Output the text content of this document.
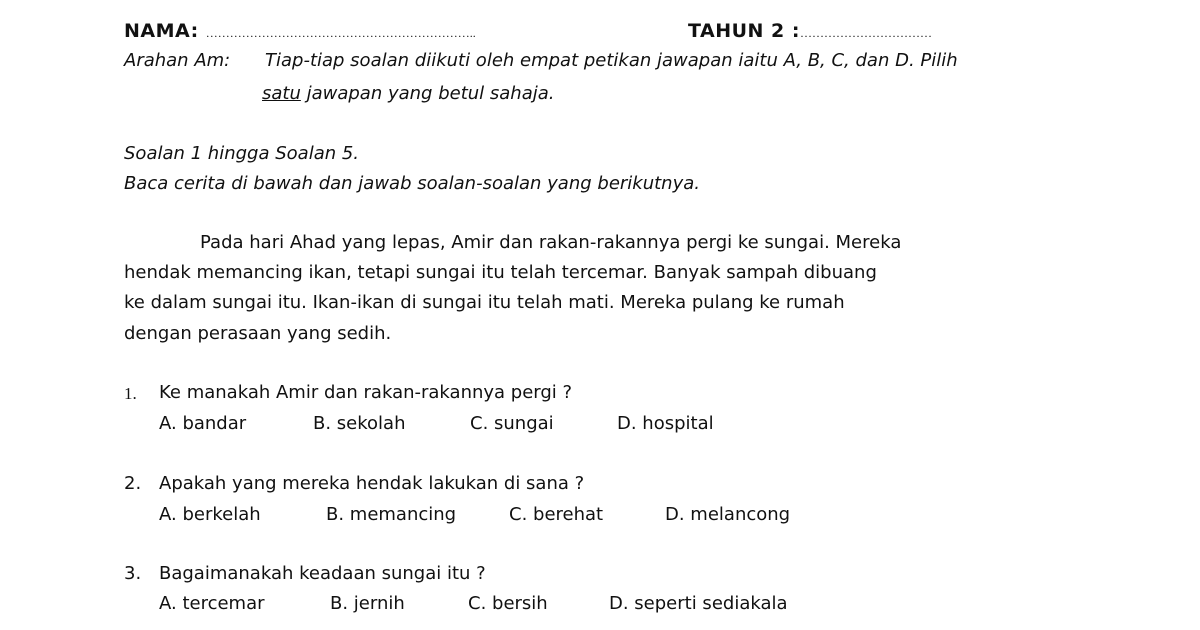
NAMA: …………………………………………………………..	TAHUN 2 :……………………………
Arahan Am: Tiap-tiap soalan diikuti oleh empat petikan jawapan iaitu A, B, C, dan D. Pilih
satu jawapan yang betul sahaja.
Soalan 1 hingga Soalan 5.
Baca cerita di bawah dan jawab soalan-soalan yang berikutnya.
Pada hari Ahad yang lepas, Amir dan rakan-rakannya pergi ke sungai. Mereka
hendak memancing ikan, tetapi sungai itu telah tercemar. Banyak sampah dibuang
ke dalam sungai itu. Ikan-ikan di sungai itu telah mati. Mereka pulang ke rumah
dengan perasaan yang sedih.
1. Ke manakah Amir dan rakan-rakannya pergi ?
A. bandar	B. sekolah	C. sungai	D. hospital
2. Apakah yang mereka hendak lakukan di sana ?
A. berkelah	B. memancing	C. berehat	D. melancong
3. Bagaimanakah keadaan sungai itu ?
A. tercemar	B. jernih	C. bersih	D. seperti sediakala
